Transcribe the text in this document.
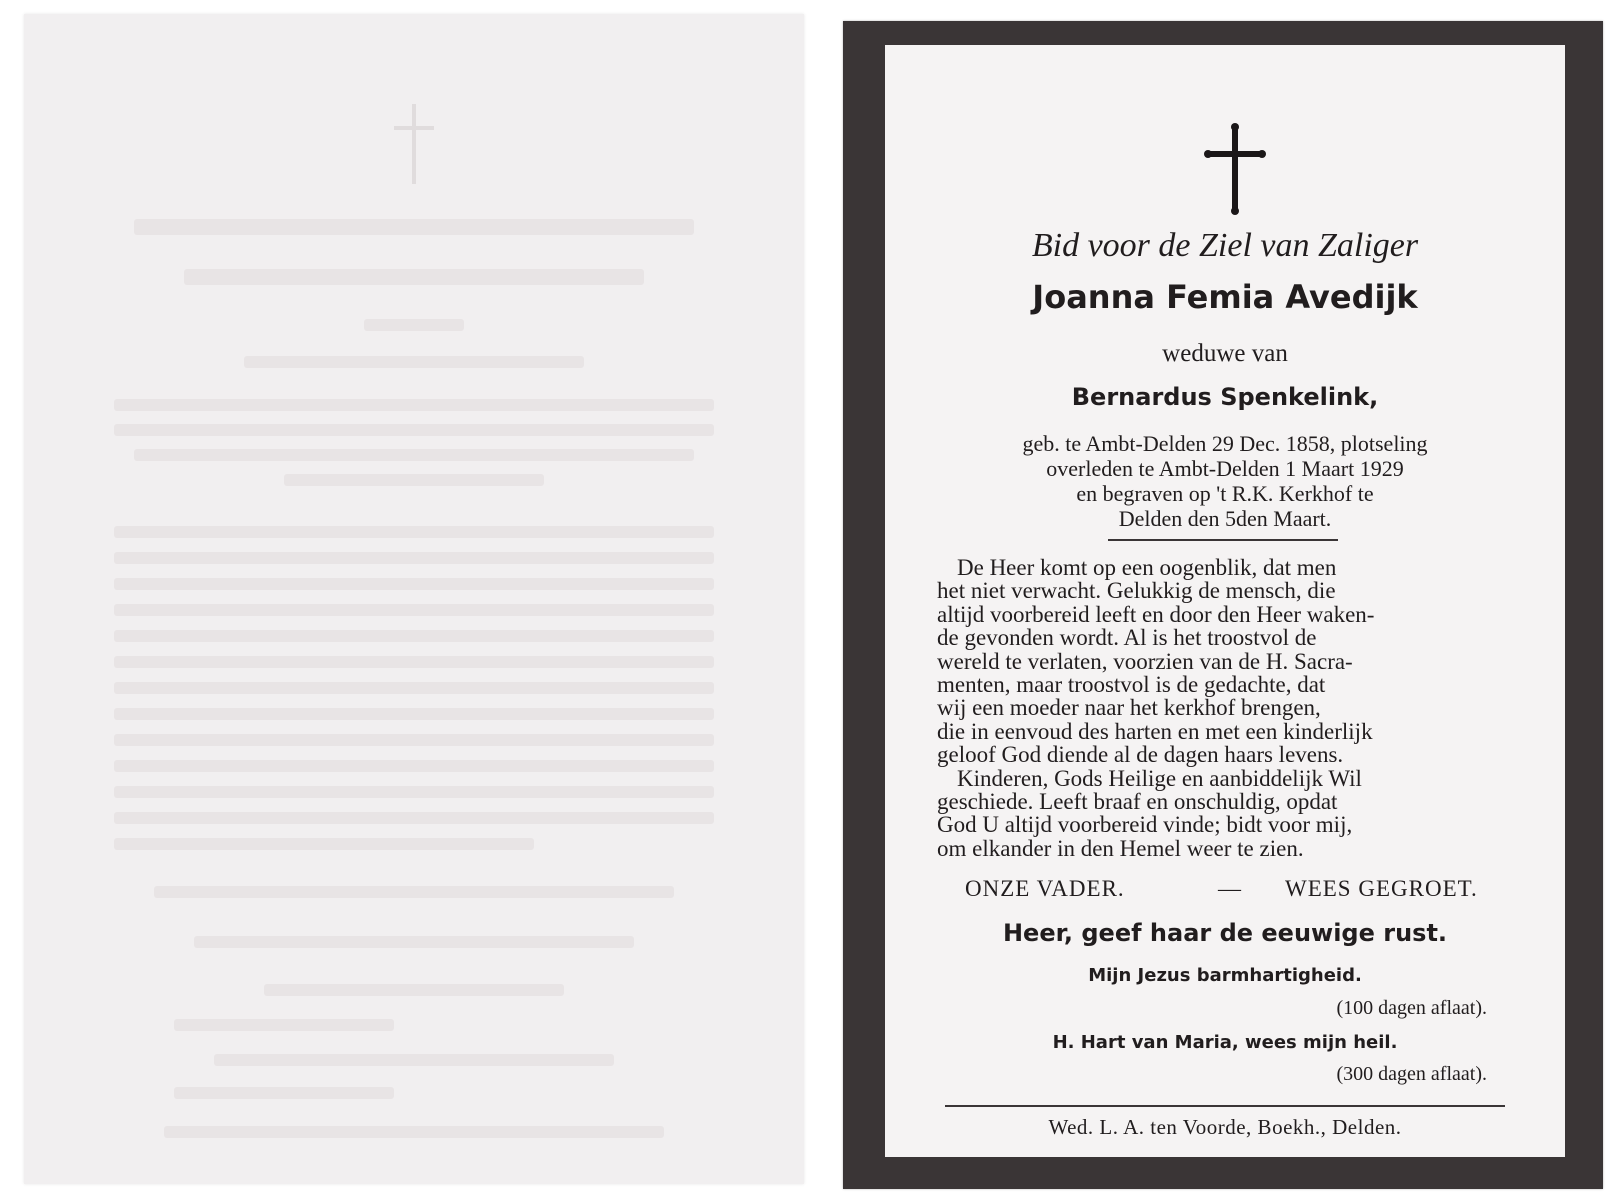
Bid voor de Ziel van Zaliger
Joanna Femia Avedijk
weduwe van
Bernardus Spenkelink,
geb. te Ambt-Delden 29 Dec. 1858, plotseling
overleden te Ambt-Delden 1 Maart 1929
en begraven op 't R.K. Kerkhof te
Delden den 5den Maart.
De Heer komt op een oogenblik, dat men
het niet verwacht. Gelukkig de mensch, die
altijd voorbereid leeft en door den Heer waken-
de gevonden wordt. Al is het troostvol de
wereld te verlaten, voorzien van de H. Sacra-
menten, maar troostvol is de gedachte, dat
wij een moeder naar het kerkhof brengen,
die in eenvoud des harten en met een kinderlijk
geloof God diende al de dagen haars levens.
Kinderen, Gods Heilige en aanbiddelijk Wil
geschiede. Leeft braaf en onschuldig, opdat
God U altijd voorbereid vinde; bidt voor mij,
om elkander in den Hemel weer te zien.
ONZE VADER.	— WEES GEGROET.
Heer, geef haar de eeuwige rust.
Mijn Jezus barmhartigheid.
(100 dagen aflaat).
H. Hart van Maria, wees mijn heil.
(300 dagen aflaat).
Wed. L. A. ten Voorde, Boekh., Delden.
